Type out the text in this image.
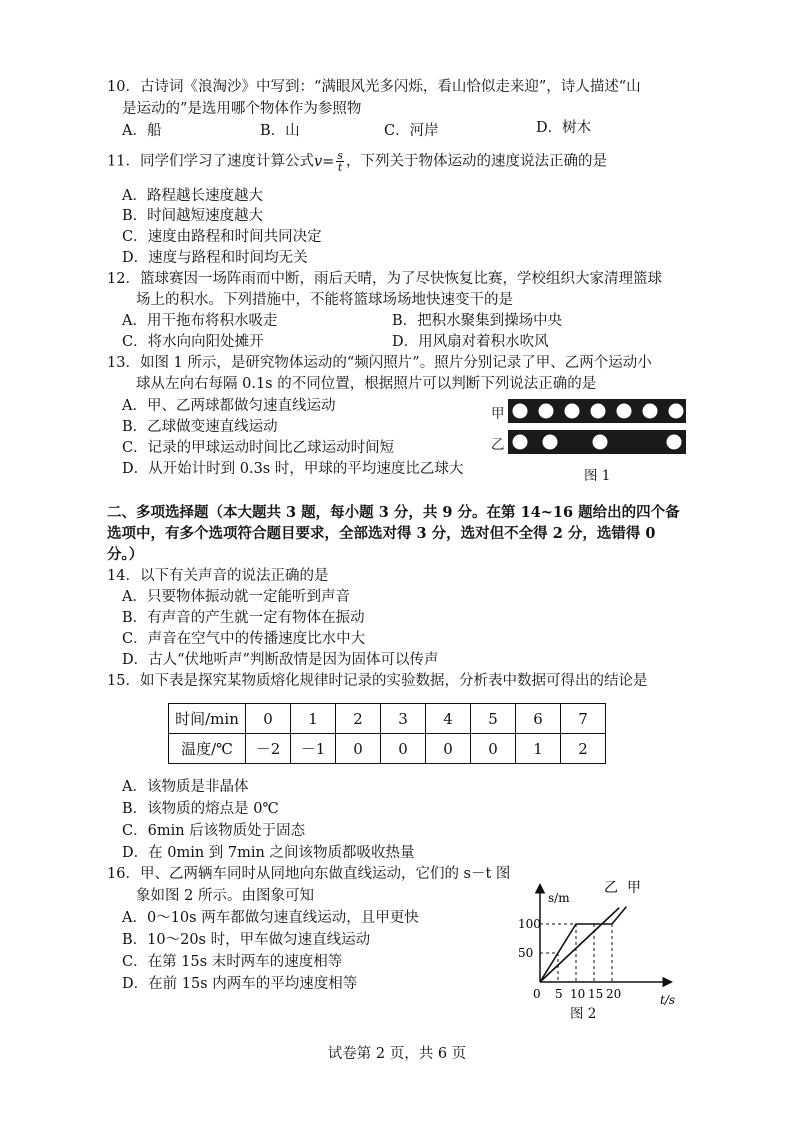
10．古诗词《浪淘沙》中写到：“满眼风光多闪烁，看山恰似走来迎”，诗人描述“山
是运动的”是选用哪个物体作为参照物
A．船	B．山	C．河岸	D．树木
11．同学们学习了速度计算公式$v= \frac{s}{t}$ ，下列关于物体运动的速度说法正确的是
A．路程越长速度越大
B．时间越短速度越大
C．速度由路程和时间共同决定
D．速度与路程和时间均无关
12．篮球赛因一场阵雨而中断，雨后天晴，为了尽快恢复比赛，学校组织大家清理篮球
场上的积水。下列措施中，不能将篮球场场地快速变干的是
A．用干拖布将积水吸走	B．把积水聚集到操场中央
C．将水向向阳处摊开	D．用风扇对着积水吹风
13．如图 1 所示，是研究物体运动的“频闪照片”。照片分别记录了甲、乙两个运动小
球从左向右每隔 0.1s 的不同位置，根据照片可以判断下列说法正确的是
A．甲、乙两球都做匀速直线运动
B．乙球做变速直线运动
C．记录的甲球运动时间比乙球运动时间短
D．从开始计时到 0.3s 时，甲球的平均速度比乙球大
甲
乙
图 1
二、多项选择题（本大题共 3 题，每小题 3 分，共 9 分。在第 14~16 题给出的四个备
选项中，有多个选项符合题目要求，全部选对得 3 分，选对但不全得 2 分，选错得 0
分。）
14．以下有关声音的说法正确的是
A．只要物体振动就一定能听到声音
B．有声音的产生就一定有物体在振动
C．声音在空气中的传播速度比水中大
D．古人“伏地听声”判断敌情是因为固体可以传声
15．如下表是探究某物质熔化规律时记录的实验数据，分析表中数据可得出的结论是
时间/min	0	1	2	3	4	5	6	7
温度/℃	－2	－1	0	0	0	0	1	2
A．该物质是非晶体
B．该物质的熔点是 0℃
C．6min 后该物质处于固态
D．在 0min 到 7min 之间该物质都吸收热量
16．甲、乙两辆车同时从同地向东做直线运动，它们的 s－t 图
象如图 2 所示。由图象可知
A．0～10s 两车都做匀速直线运动，且甲更快
B．10～20s 时，甲车做匀速直线运动
C．在第 15s 末时两车的速度相等
D．在前 15s 内两车的平均速度相等
s/m
t/s
乙 甲
100
50
0 5 10 15 20
图 2
试卷第 2 页，共 6 页
